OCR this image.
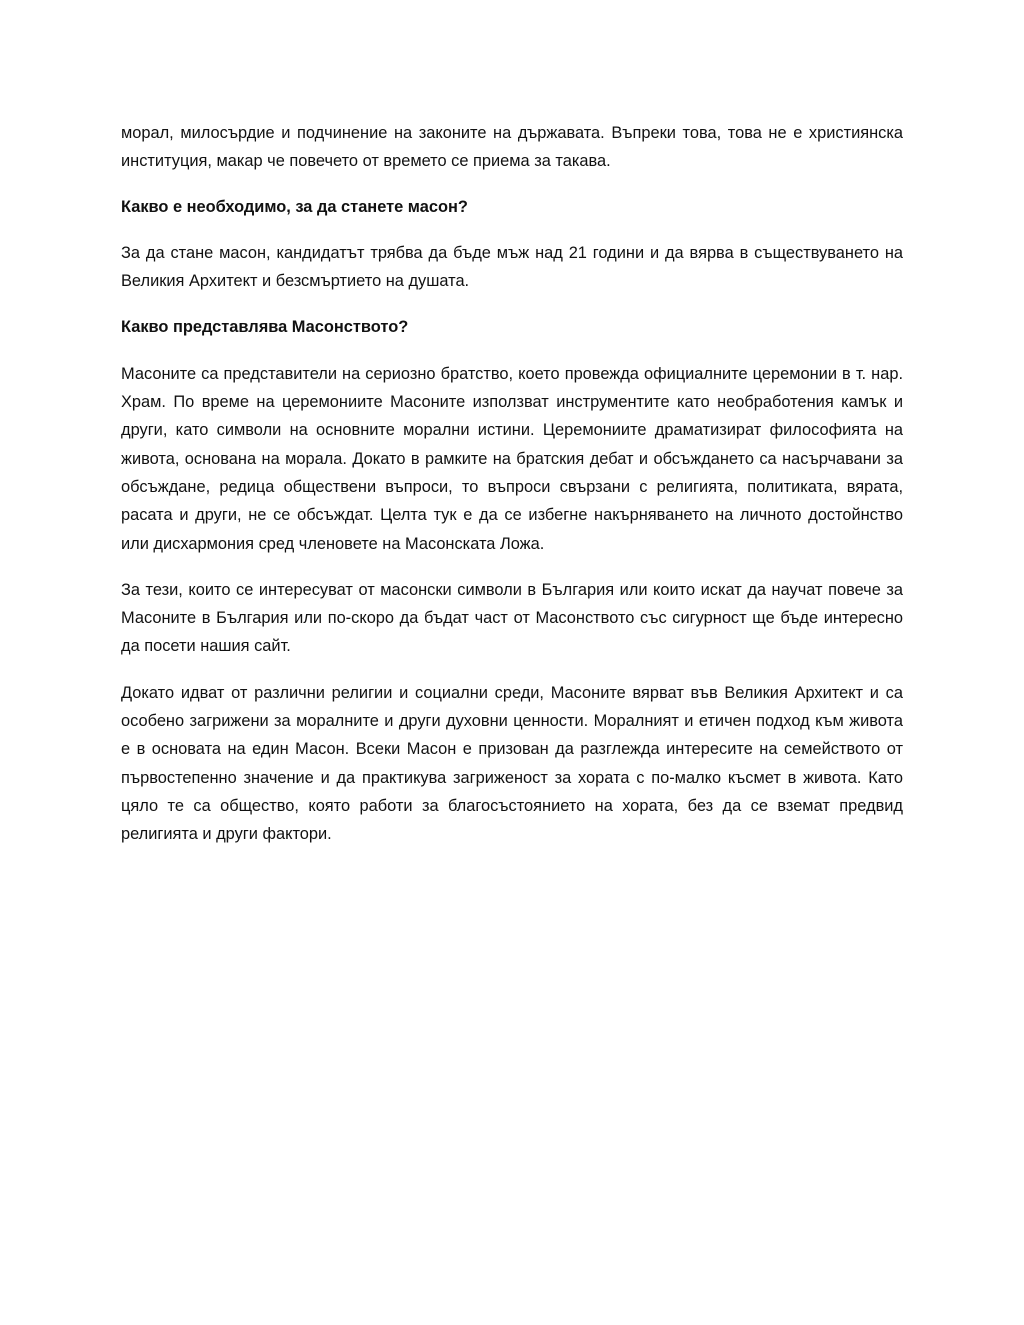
морал, милосърдие и подчинение на законите на държавата. Въпреки това, това не е християнска институция, макар че повечето от времето се приема за такава.

Какво е необходимо, за да станете масон?

За да стане масон, кандидатът трябва да бъде мъж над 21 години и да вярва в съществуването на Великия Архитект и безсмъртието на душата.

Какво представлява Масонството?

Масоните са представители на сериозно братство, което провежда официалните церемонии в т. нар. Храм. По време на церемониите Масоните използват инструментите като необработения камък и други, като символи на основните морални истини. Церемониите драматизират философията на живота, основана на морала. Докато в рамките на братския дебат и обсъждането са насърчавани за обсъждане, редица обществени въпроси, то въпроси свързани с религията, политиката, вярата, расата и други, не се обсъждат. Целта тук е да се избегне накърняването на личното достойнство или дисхармония сред членовете на Масонската Ложа.

За тези, които се интересуват от масонски символи в България или които искат да научат повече за Масоните в България или по-скоро да бъдат част от Масонството със сигурност ще бъде интересно да посети нашия сайт.

Докато идват от различни религии и социални среди, Масоните вярват във Великия Архитект и са особено загрижени за моралните и други духовни ценности. Моралният и етичен подход към живота е в основата на един Масон. Всеки Масон е призован да разглежда интересите на семейството от първостепенно значение и да практикува загриженост за хората с по-малко късмет в живота. Като цяло те са общество, която работи за благосъстоянието на хората, без да се вземат предвид религията и други фактори.
